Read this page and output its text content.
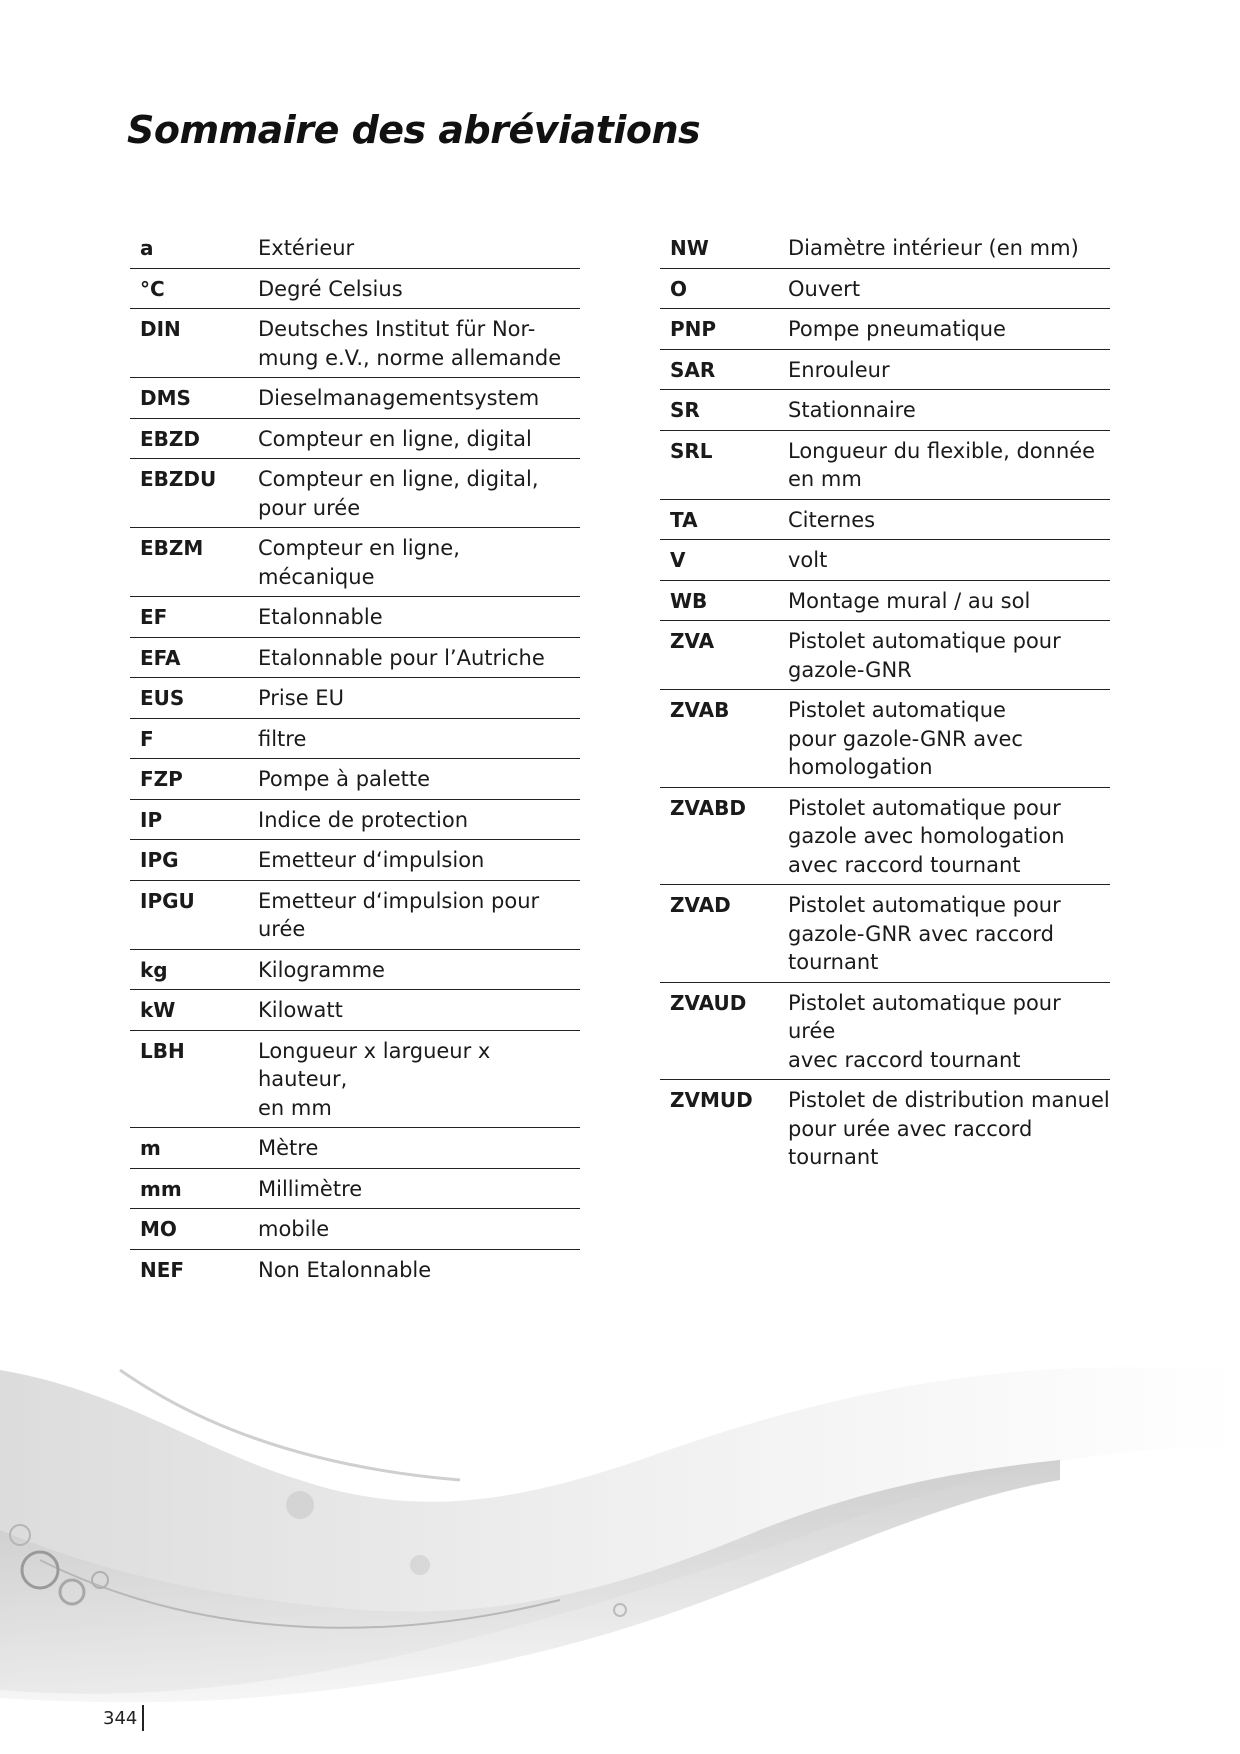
Sommaire des abréviations
a	Extérieur
°C	Degré Celsius
DIN	Deutsches Institut für Nor-
mung e.V., norme allemande
DMS	Dieselmanagementsystem
EBZD	Compteur en ligne, digital
EBZDU	Compteur en ligne, digital,
pour urée
EBZM	Compteur en ligne, mécanique
EF	Etalonnable
EFA	Etalonnable pour l’Autriche
EUS	Prise EU
F	filtre
FZP	Pompe à palette
IP	Indice de protection
IPG	Emetteur d‘impulsion
IPGU	Emetteur d‘impulsion pour
urée
kg	Kilogramme
kW	Kilowatt
LBH	Longueur x largueur x hauteur,
en mm
m	Mètre
mm	Millimètre
MO	mobile
NEF	Non Etalonnable
NW	Diamètre intérieur (en mm)
O	Ouvert
PNP	Pompe pneumatique
SAR	Enrouleur
SR	Stationnaire
SRL	Longueur du flexible, donnée
en mm
TA	Citernes
V	volt
WB	Montage mural / au sol
ZVA	Pistolet automatique pour
gazole-GNR
ZVAB	Pistolet automatique
pour gazole-GNR avec
homologation
ZVABD	Pistolet automatique pour
gazole avec homologation
avec raccord tournant
ZVAD	Pistolet automatique pour
gazole-GNR avec raccord
tournant
ZVAUD	Pistolet automatique pour urée
avec raccord tournant
ZVMUD	Pistolet de distribution manuel
pour urée avec raccord
tournant
344
